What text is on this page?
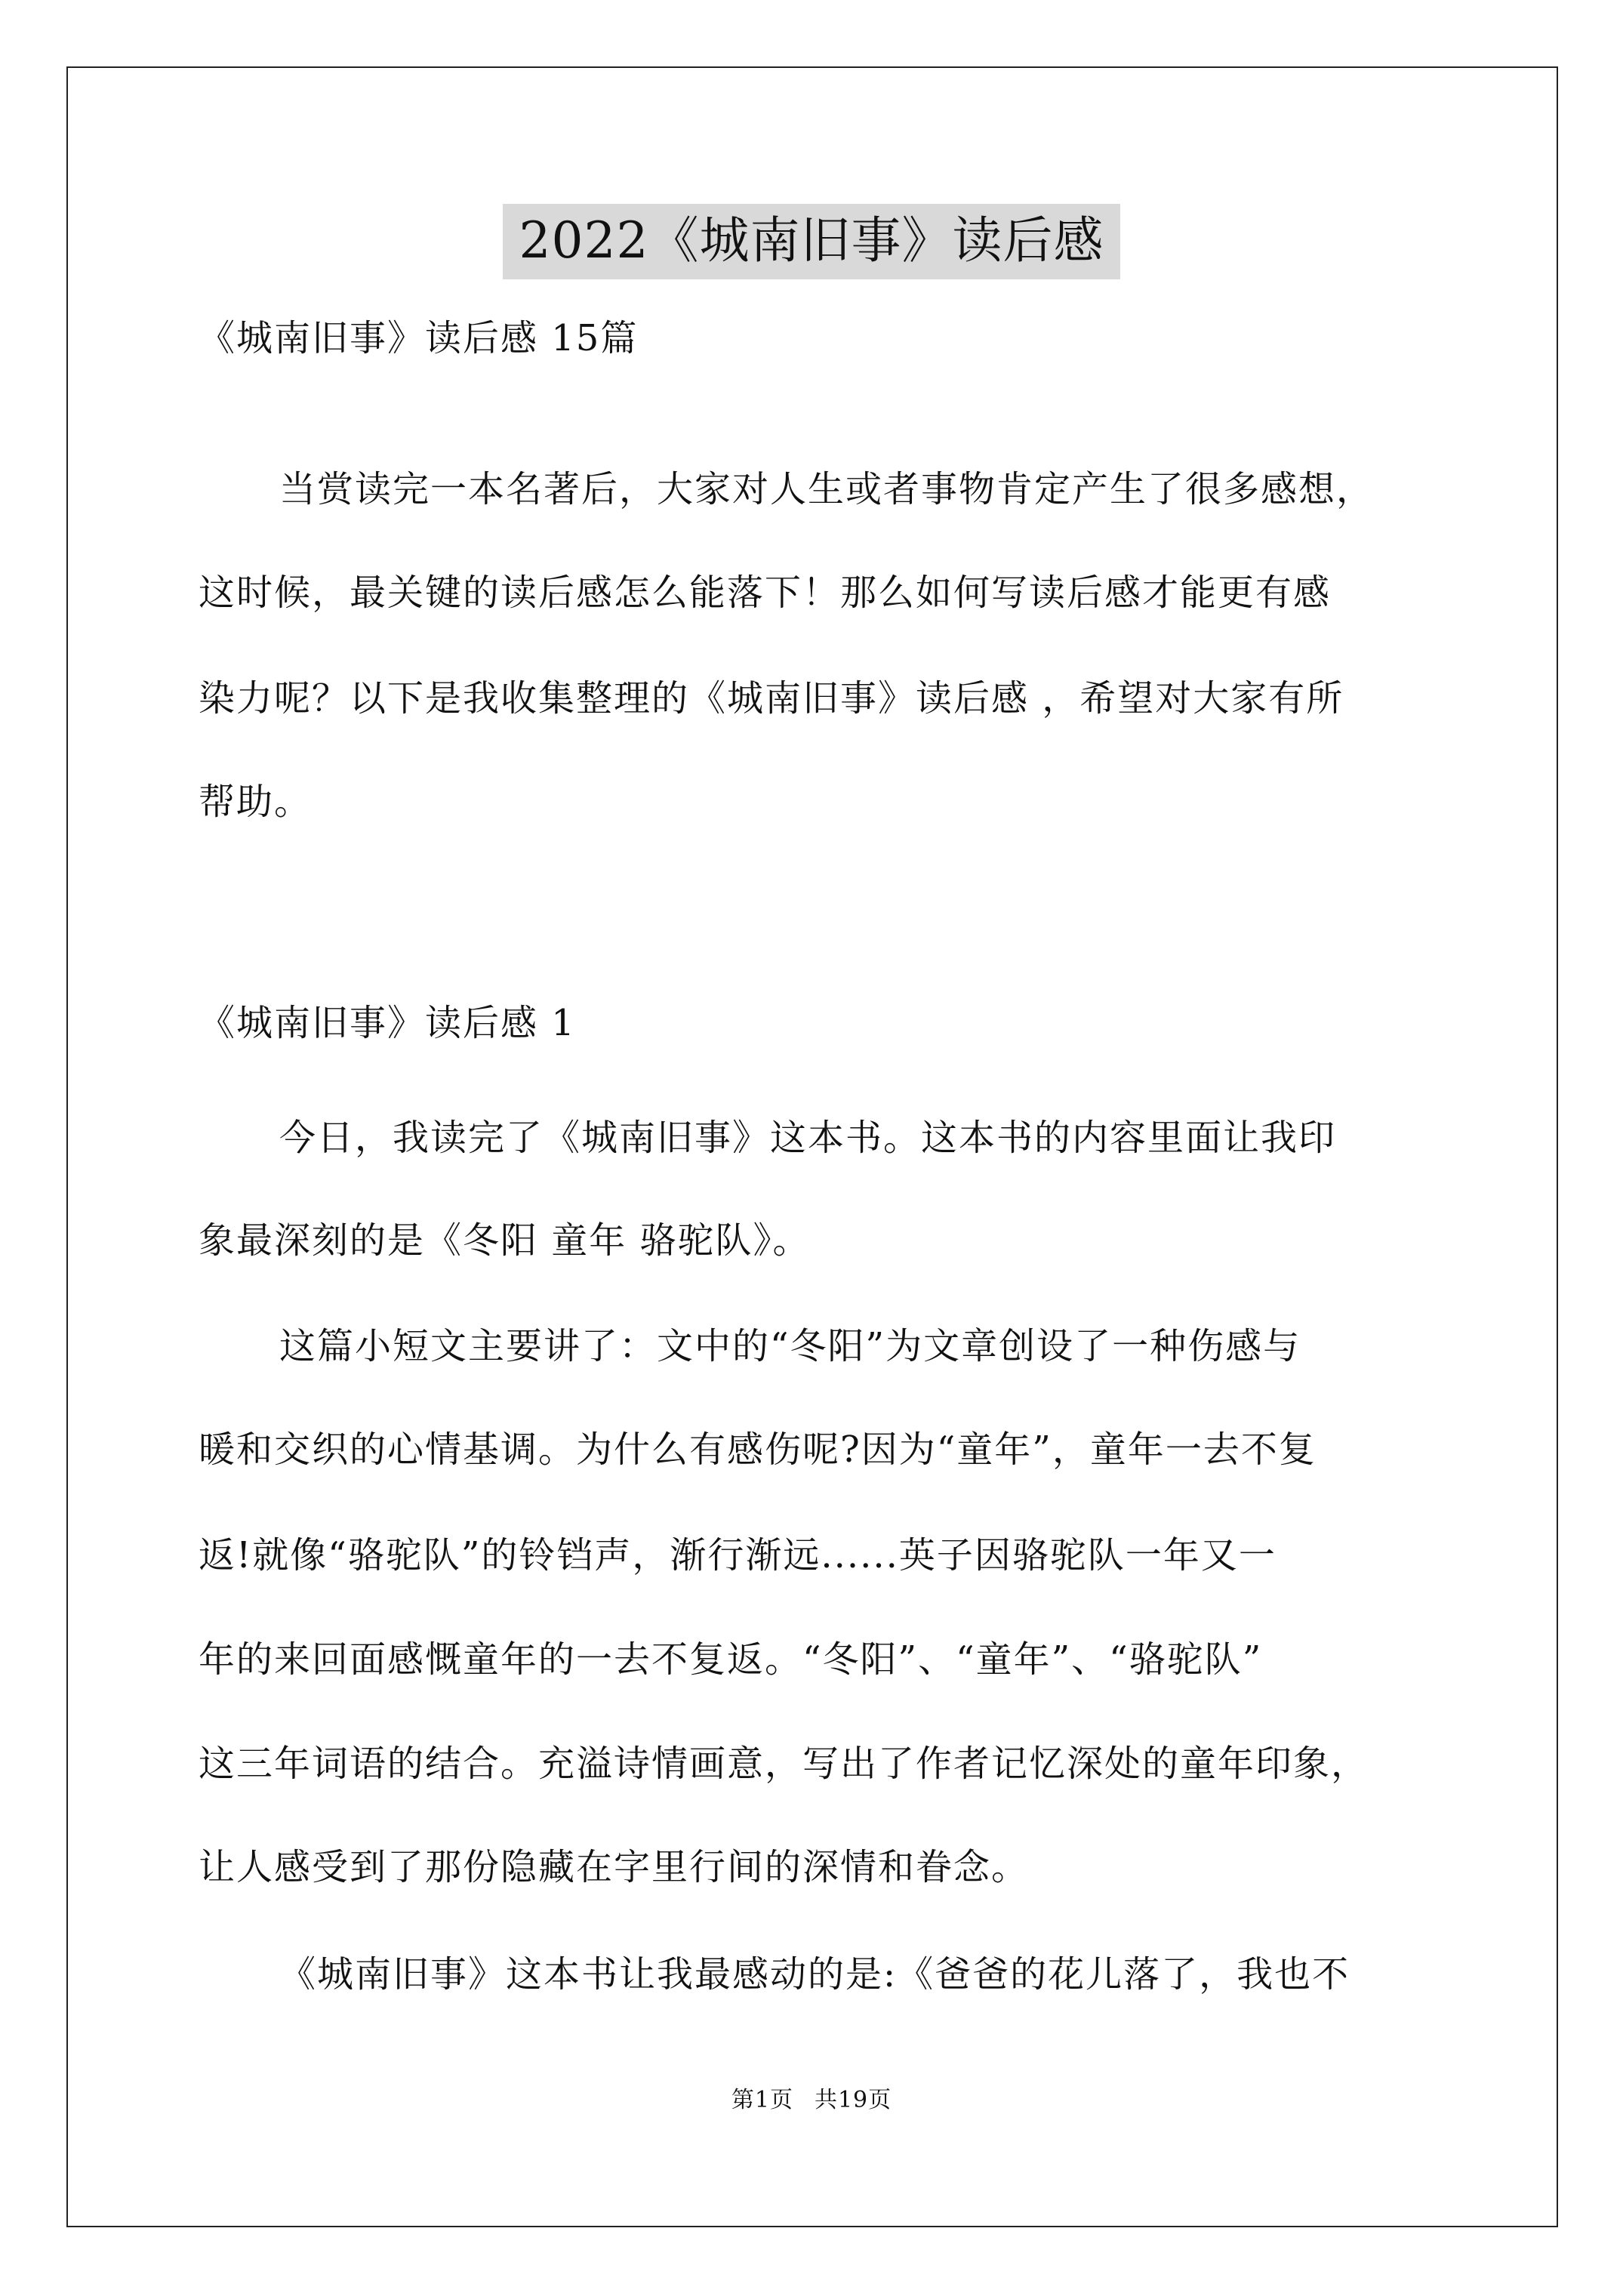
2022《城南旧事》读后感
《城南旧事》读后感 15篇
当赏读完一本名著后，大家对人生或者事物肯定产生了很多感想，
这时候，最关键的读后感怎么能落下！那么如何写读后感才能更有感
染力呢？以下是我收集整理的《城南旧事》读后感 ，希望对大家有所
帮助。
《城南旧事》读后感 1
今日，我读完了《城南旧事》这本书。这本书的内容里面让我印
象最深刻的是《冬阳 童年 骆驼队》。
这篇小短文主要讲了：文中的“冬阳”为文章创设了一种伤感与
暖和交织的心情基调。为什么有感伤呢?因为“童年”，童年一去不复
返!就像“骆驼队”的铃铛声，渐行渐远......英子因骆驼队一年又一
年的来回面感慨童年的一去不复返。“冬阳”、“童年”、“骆驼队”
这三年词语的结合。充溢诗情画意，写出了作者记忆深处的童年印象，
让人感受到了那份隐藏在字里行间的深情和眷念。
《城南旧事》这本书让我最感动的是:《爸爸的花儿落了，我也不
第1页 共19页
